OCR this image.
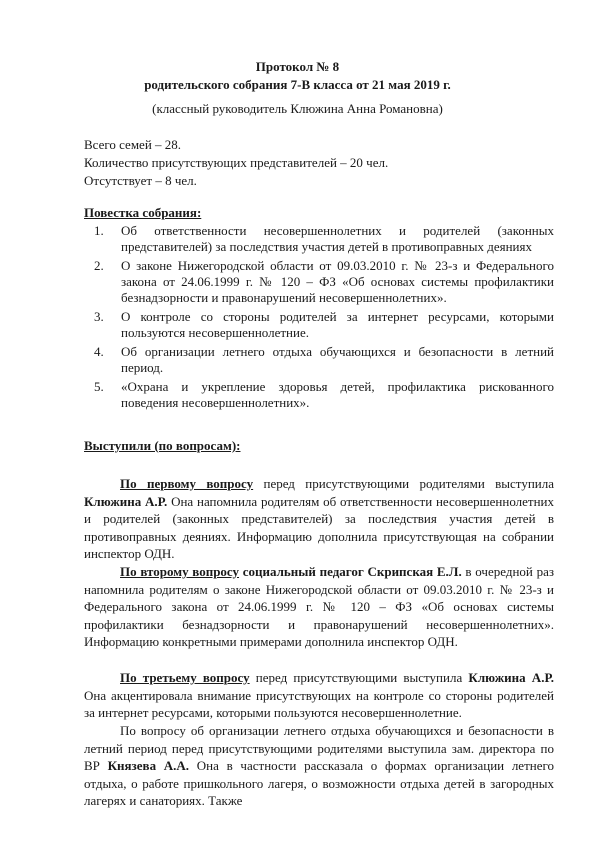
Протокол № 8
родительского собрания 7-В класса от 21 мая 2019 г.
(классный руководитель Клюжина Анна Романовна)
Всего семей – 28.
Количество присутствующих представителей – 20 чел.
Отсутствует – 8 чел.
Повестка собрания:
1. Об ответственности несовершеннолетних и родителей (законных представителей) за последствия участия детей в противоправных деяниях
2. О законе Нижегородской области от 09.03.2010 г. № 23-з и Федерального закона от 24.06.1999 г. № 120 – ФЗ «Об основах системы профилактики безнадзорности и правонарушений несовершеннолетних».
3. О контроле со стороны родителей за интернет ресурсами, которыми пользуются несовершеннолетние.
4. Об организации летнего отдыха обучающихся и безопасности в летний период.
5. «Охрана и укрепление здоровья детей, профилактика рискованного поведения несовершеннолетних».
Выступили (по вопросам):
По первому вопросу перед присутствующими родителями выступила Клюжина А.Р. Она напомнила родителям об ответственности несовершеннолетних и родителей (законных представителей) за последствия участия детей в противоправных деяниях. Информацию дополнила присутствующая на собрании инспектор ОДН.
По второму вопросу социальный педагог Скрипская Е.Л. в очередной раз напомнила родителям о законе Нижегородской области от 09.03.2010 г. № 23-з и Федерального закона от 24.06.1999 г. № 120 – ФЗ «Об основах системы профилактики безнадзорности и правонарушений несовершеннолетних». Информацию конкретными примерами дополнила инспектор ОДН.
По третьему вопросу перед присутствующими выступила Клюжина А.Р. Она акцентировала внимание присутствующих на контроле со стороны родителей за интернет ресурсами, которыми пользуются несовершеннолетние.
По вопросу об организации летнего отдыха обучающихся и безопасности в летний период перед присутствующими родителями выступила зам. директора по ВР Князева А.А. Она в частности рассказала о формах организации летнего отдыха, о работе пришкольного лагеря, о возможности отдыха детей в загородных лагерях и санаториях. Также
